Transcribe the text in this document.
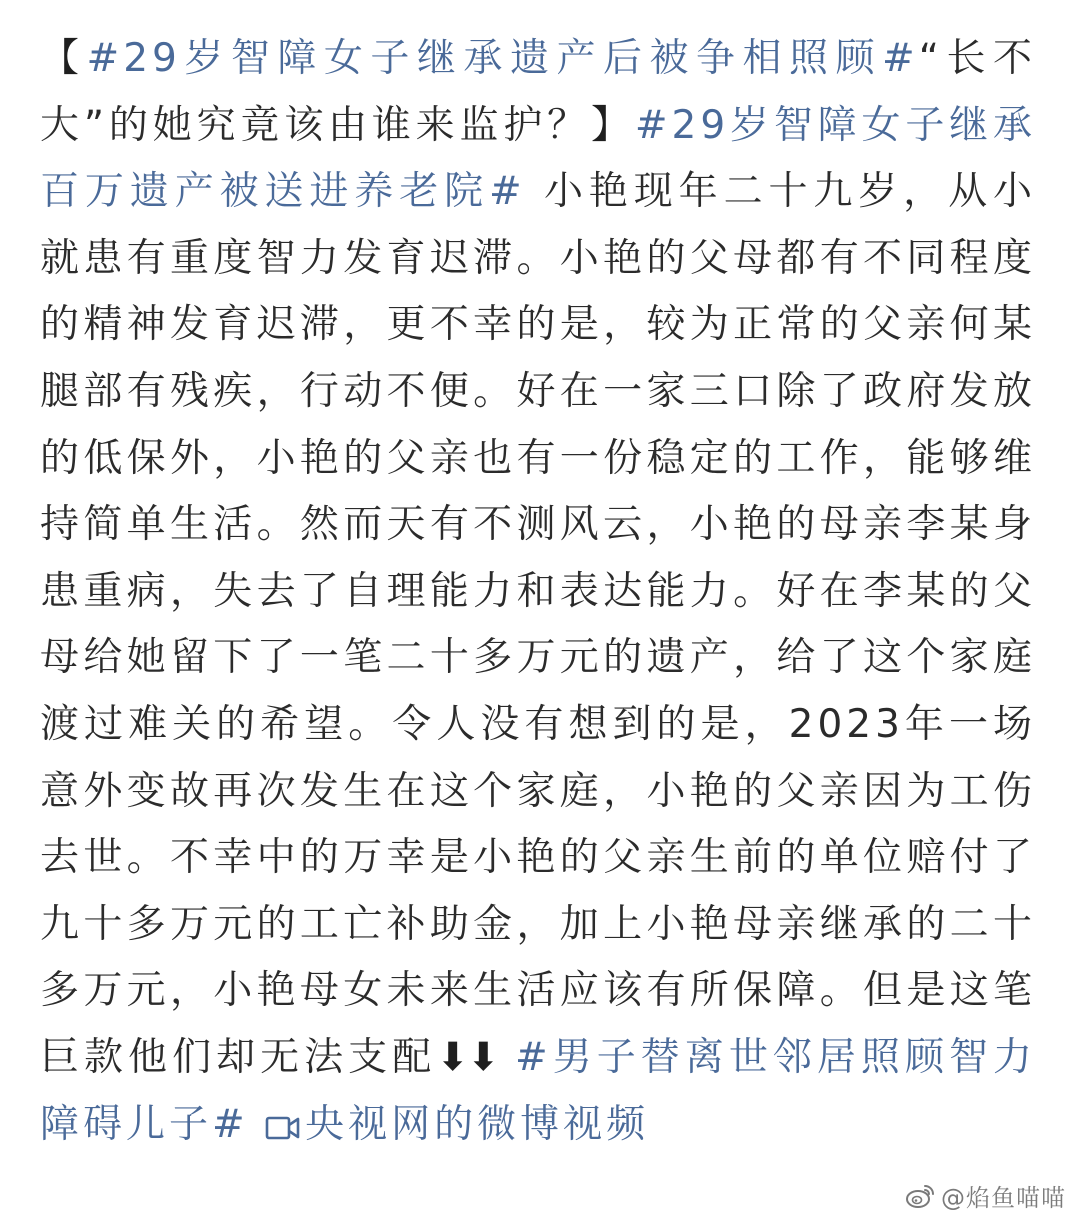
【#29岁智障女子继承遗产后被争相照顾#“长不大”的她究竟该由谁来监护？】#29岁智障女子继承百万遗产被送进养老院# 小艳现年二十九岁，从小就患有重度智力发育迟滞。小艳的父母都有不同程度的精神发育迟滞，更不幸的是，较为正常的父亲何某腿部有残疾，行动不便。好在一家三口除了政府发放的低保外，小艳的父亲也有一份稳定的工作，能够维持简单生活。然而天有不测风云，小艳的母亲李某身患重病，失去了自理能力和表达能力。好在李某的父母给她留下了一笔二十多万元的遗产，给了这个家庭渡过难关的希望。令人没有想到的是，2023年一场意外变故再次发生在这个家庭，小艳的父亲因为工伤去世。不幸中的万幸是小艳的父亲生前的单位赔付了九十多万元的工亡补助金，加上小艳母亲继承的二十多万元，小艳母女未来生活应该有所保障。但是这笔巨款他们却无法支配⬇⬇ #男子替离世邻居照顾智力障碍儿子# 央视网的微博视频
@焰鱼喵喵
